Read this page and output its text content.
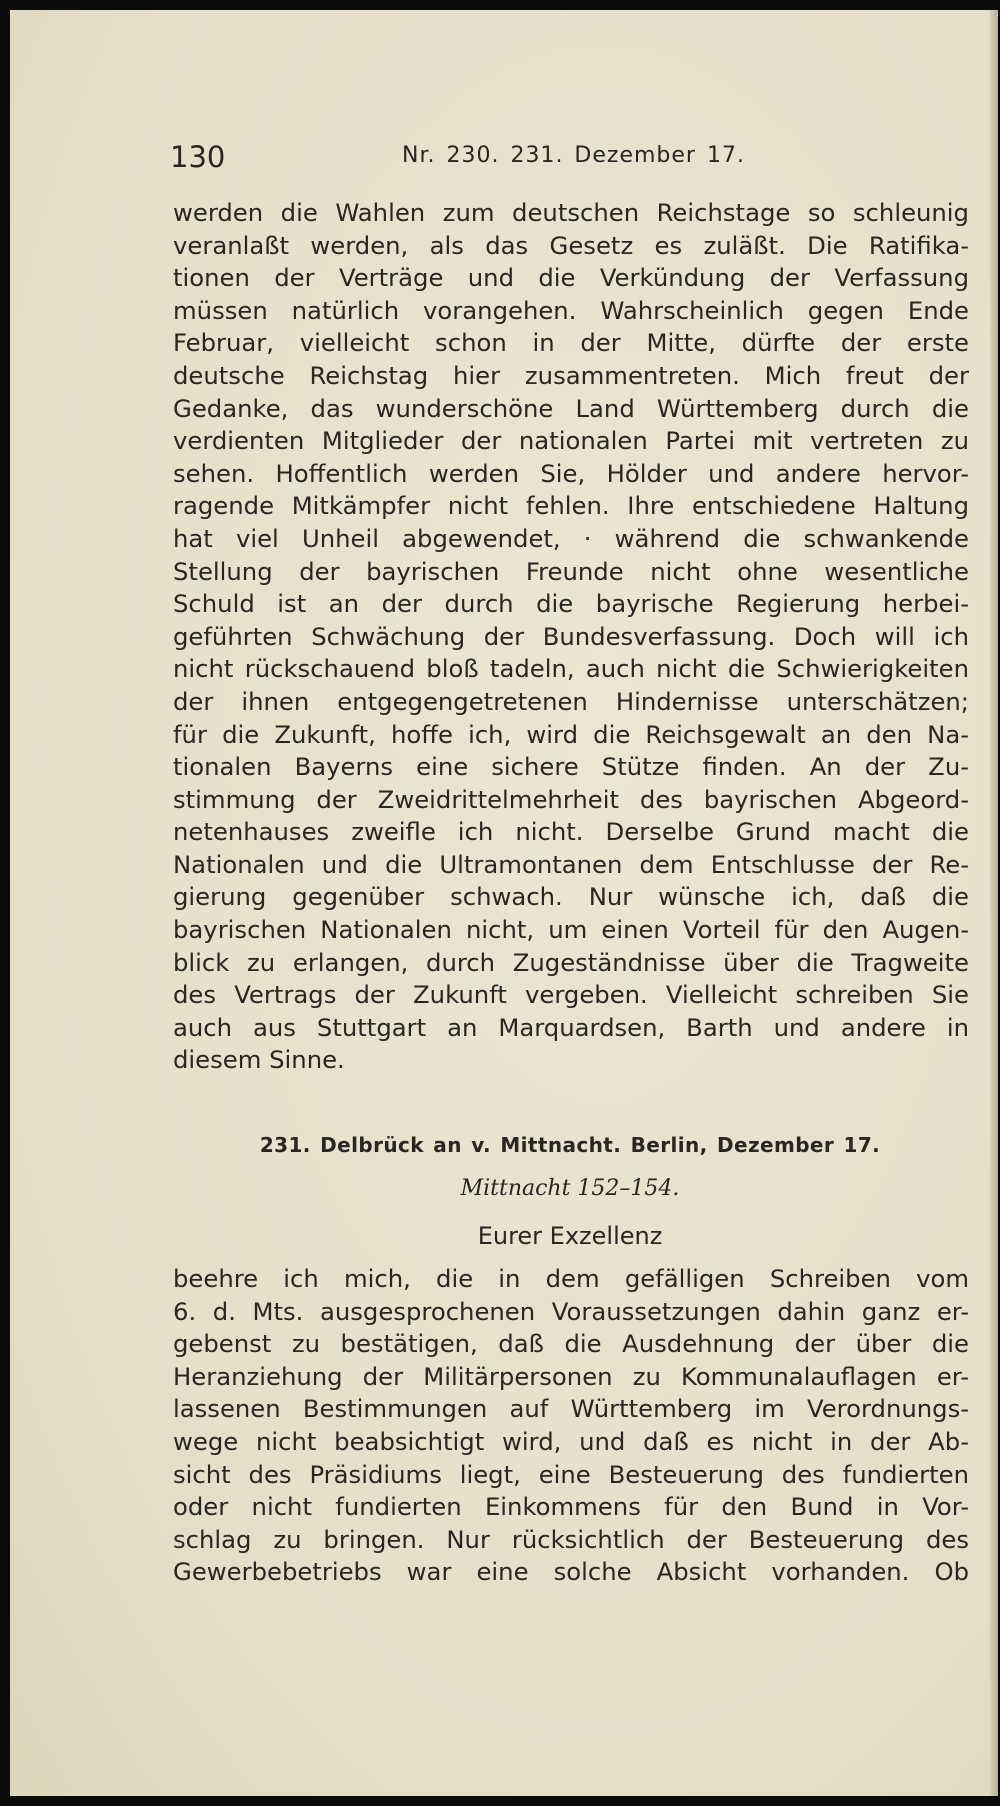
130	Nr. 230. 231. Dezember 17.
werden die Wahlen zum deutschen Reichstage so schleunig
veranlaßt werden, als das Gesetz es zuläßt. Die Ratifika-
tionen der Verträge und die Verkündung der Verfassung
müssen natürlich vorangehen. Wahrscheinlich gegen Ende
Februar, vielleicht schon in der Mitte, dürfte der erste
deutsche Reichstag hier zusammentreten. Mich freut der
Gedanke, das wunderschöne Land Württemberg durch die
verdienten Mitglieder der nationalen Partei mit vertreten zu
sehen. Hoffentlich werden Sie, Hölder und andere hervor-
ragende Mitkämpfer nicht fehlen. Ihre entschiedene Haltung
hat viel Unheil abgewendet, · während die schwankende
Stellung der bayrischen Freunde nicht ohne wesentliche
Schuld ist an der durch die bayrische Regierung herbei-
geführten Schwächung der Bundesverfassung. Doch will ich
nicht rückschauend bloß tadeln, auch nicht die Schwierigkeiten
der ihnen entgegengetretenen Hindernisse unterschätzen;
für die Zukunft, hoffe ich, wird die Reichsgewalt an den Na-
tionalen Bayerns eine sichere Stütze finden. An der Zu-
stimmung der Zweidrittelmehrheit des bayrischen Abgeord-
netenhauses zweifle ich nicht. Derselbe Grund macht die
Nationalen und die Ultramontanen dem Entschlusse der Re-
gierung gegenüber schwach. Nur wünsche ich, daß die
bayrischen Nationalen nicht, um einen Vorteil für den Augen-
blick zu erlangen, durch Zugeständnisse über die Tragweite
des Vertrags der Zukunft vergeben. Vielleicht schreiben Sie
auch aus Stuttgart an Marquardsen, Barth und andere in
diesem Sinne.
231. Delbrück an v. Mittnacht. Berlin, Dezember 17.
Mittnacht 152–154.
Eurer Exzellenz
beehre ich mich, die in dem gefälligen Schreiben vom
6. d. Mts. ausgesprochenen Voraussetzungen dahin ganz er-
gebenst zu bestätigen, daß die Ausdehnung der über die
Heranziehung der Militärpersonen zu Kommunalauflagen er-
lassenen Bestimmungen auf Württemberg im Verordnungs-
wege nicht beabsichtigt wird, und daß es nicht in der Ab-
sicht des Präsidiums liegt, eine Besteuerung des fundierten
oder nicht fundierten Einkommens für den Bund in Vor-
schlag zu bringen. Nur rücksichtlich der Besteuerung des
Gewerbebetriebs war eine solche Absicht vorhanden. Ob
